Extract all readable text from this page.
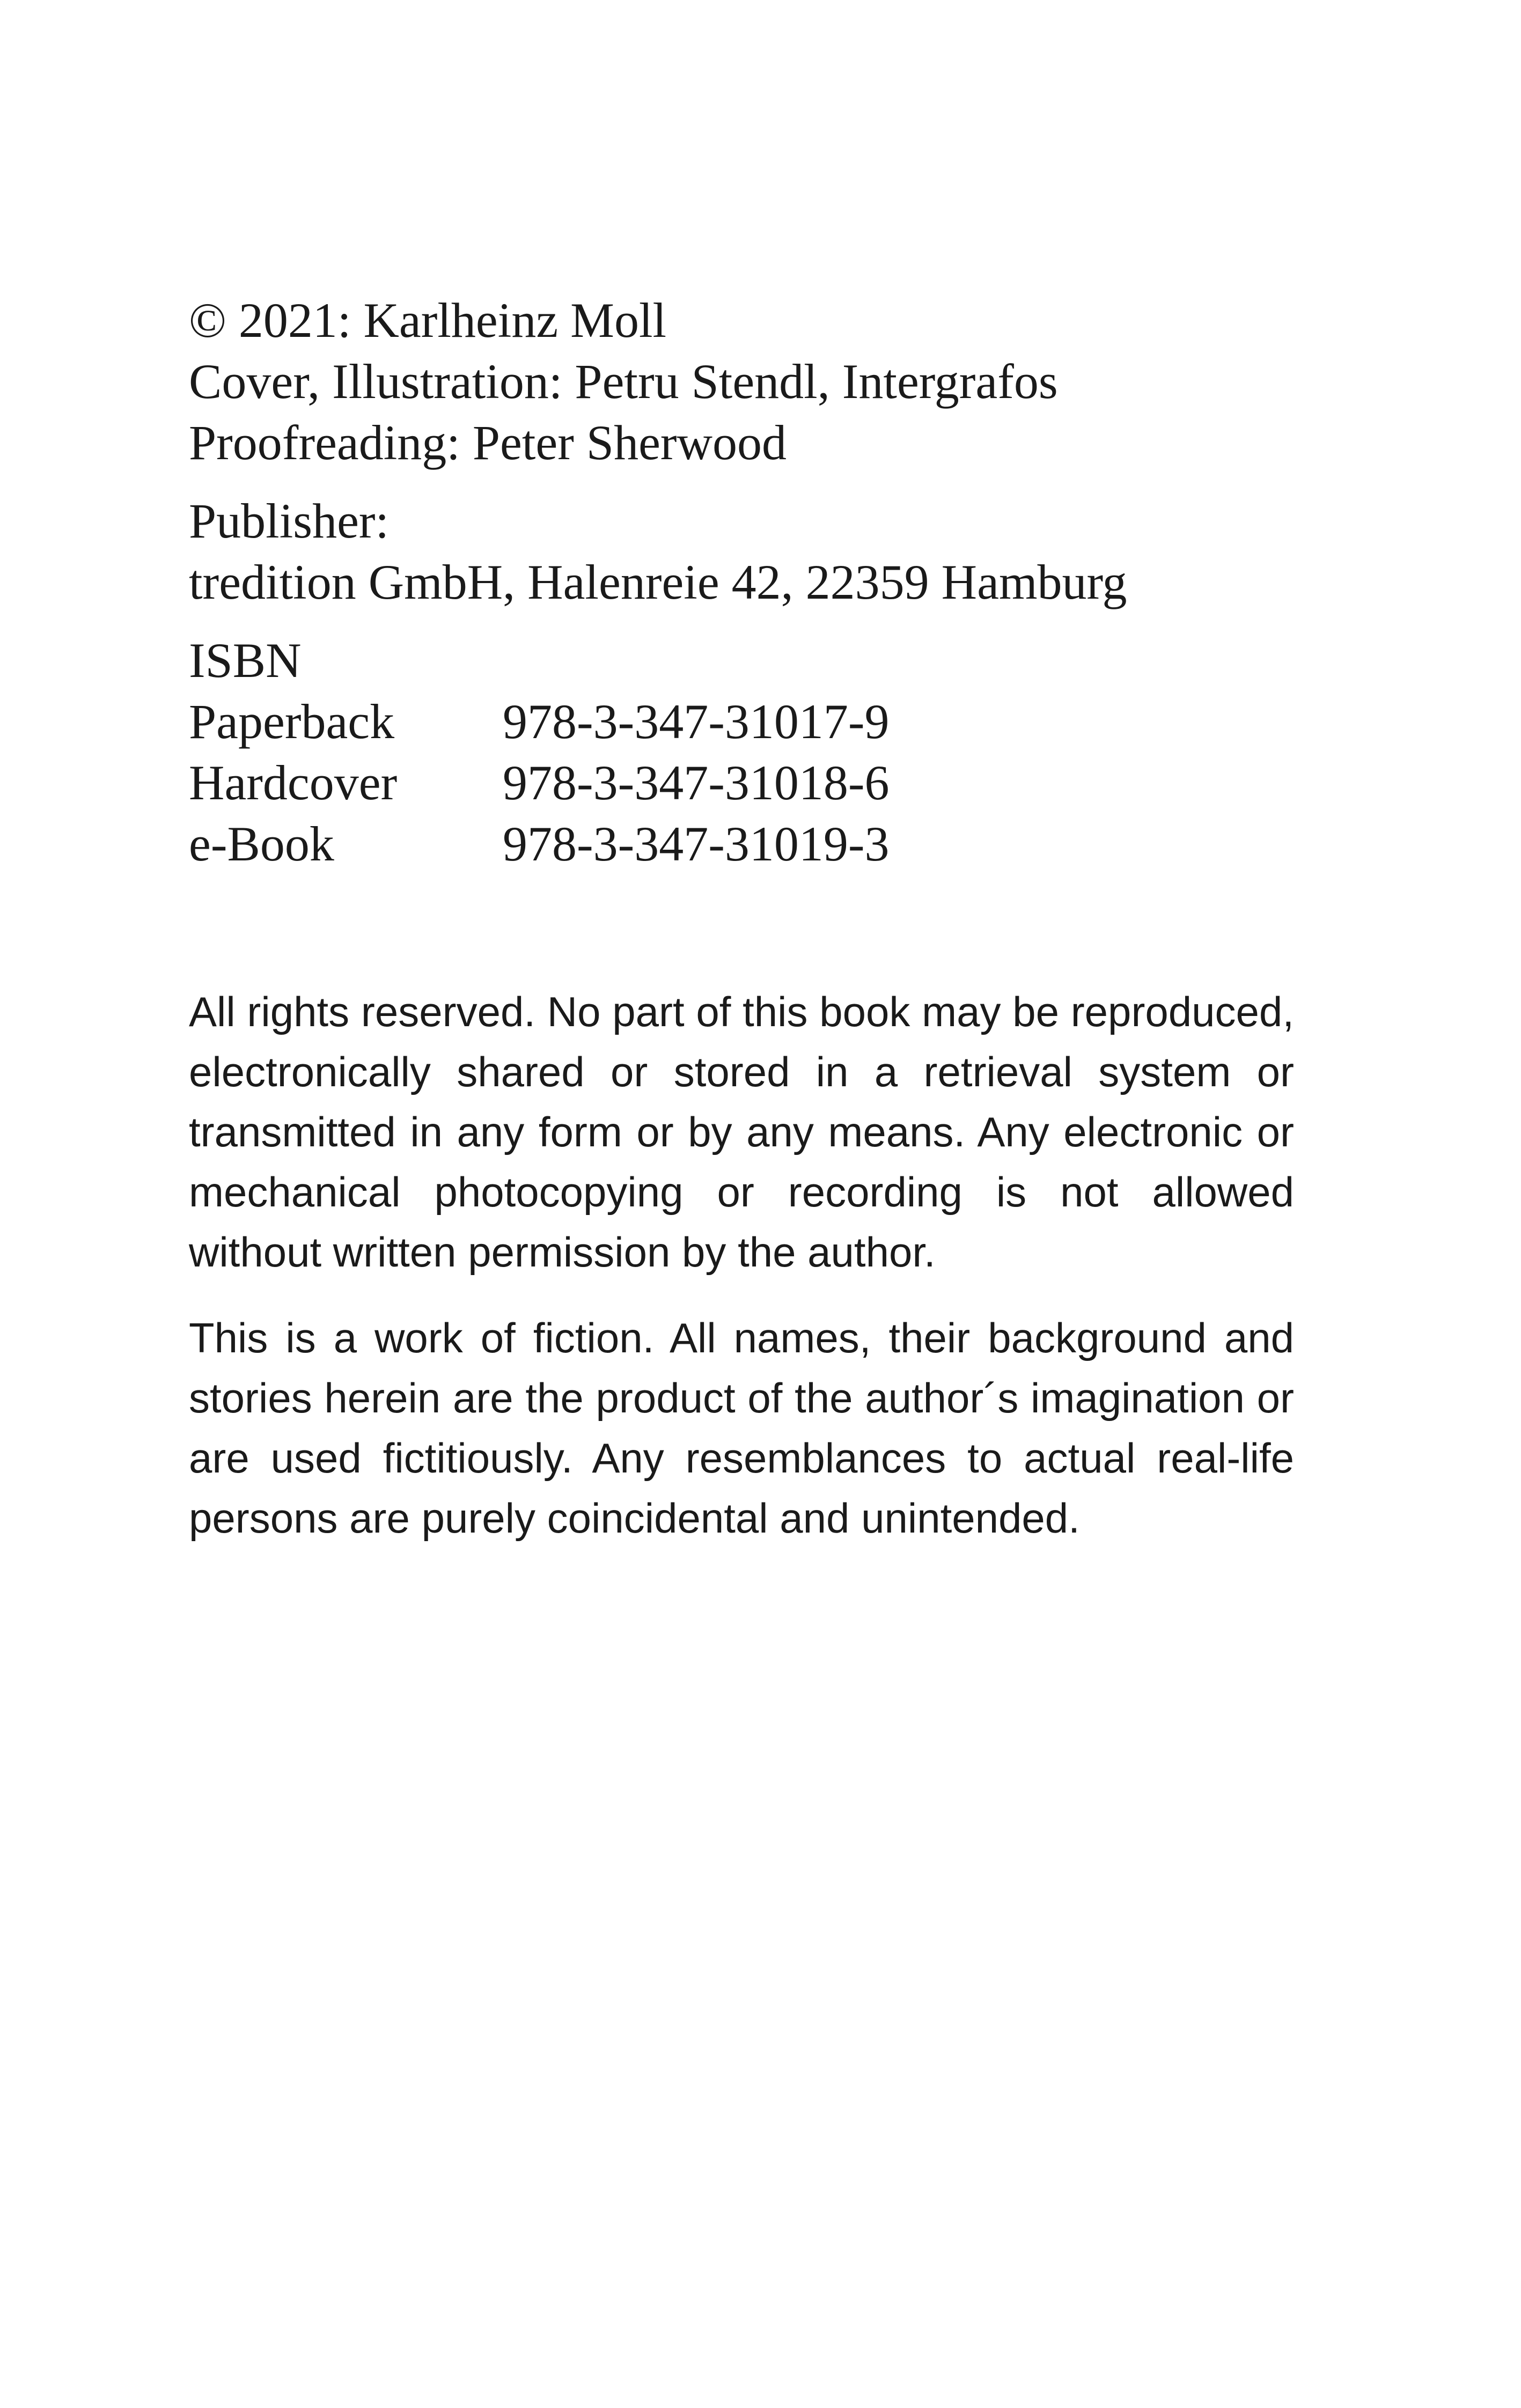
© 2021: Karlheinz Moll
Cover, Illustration: Petru Stendl, Intergrafos
Proofreading: Peter Sherwood
Publisher:
tredition GmbH, Halenreie 42, 22359 Hamburg
ISBN
Paperback	978-3-347-31017-9
Hardcover	978-3-347-31018-6
e-Book	978-3-347-31019-3

All rights reserved. No part of this book may be reproduced, electronically shared or stored in a retrieval system or transmitted in any form or by any means. Any electronic or mechanical photocopying or recording is not allowed without written permission by the author.

This is a work of fiction. All names, their background and stories herein are the product of the author´s imagination or are used fictitiously. Any resemblances to actual real-life persons are purely coincidental and unintended.
